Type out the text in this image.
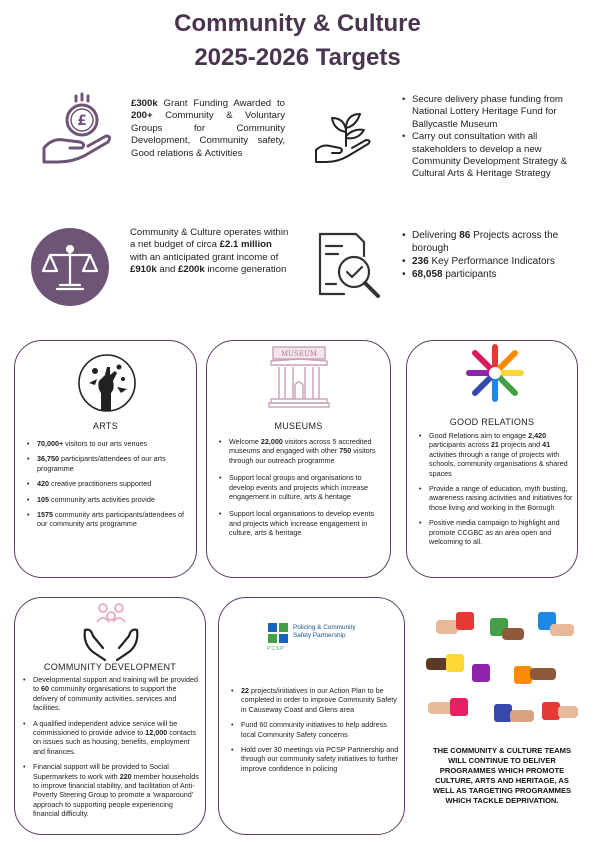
Community & Culture
2025-2026 Targets
£
£300k Grant Funding Awarded to 200+ Community & Voluntary Groups for Community Development, Community safety, Good relations & Activities
• Secure delivery phase funding from National Lottery Heritage Fund for Ballycastle Museum
• Carry out consultation with all stakeholders to develop a new Community Development Strategy & Cultural Arts & Heritage Strategy
Community & Culture operates within a net budget of circa £2.1 million with an anticipated grant income of £910k and £200k income generation
• Delivering 86 Projects across the borough
• 236 Key Performance Indicators
• 68,058 participants
ARTS
• 70,000+ visitors to our arts venues
• 36,750 participants/attendees of our arts programme
• 420 creative practitioners supported
• 105 community arts activities provide
• 1575 community arts participants/attendees of our community arts programme
MUSEUM
MUSEUMS
• Welcome 22,000 visitors across 5 accredited museums and engaged with other 750 visitors through our outreach programme
• Support local groups and organisations to develop events and projects which increase engagement in culture, arts & heritage
• Support local organisations to develop events and projects which increase engagement in culture, arts & heritage
GOOD RELATIONS
• Good Relations aim to engage 2,420 participants across 21 projects and 41 activities through a range of projects with schools, community organisations & shared spaces
• Provide a range of education, myth busting, awareness raising activities and initiatives for those living and working in the Borough
• Positive media campaign to highlight and promote CCGBC as an area open and welcoming to all.
COMMUNITY DEVELOPMENT
• Developmental support and training will be provided to 60 community organisations to support the delivery of community activities, services and facilities.
• A qualified independent advice service will be commissioned to provide advice to 12,000 contacts on issues such as housing, benefits, employment and finances.
• Financial support will be provided to Social Supermarkets to work with 220 member households to improve financial stability, and facilitation of Anti-Poverty Steering Group to promote a 'wraparound' approach to supporting people experiencing financial difficulty.
Policing & Community
Safety Partnership
PCSP
• 22 projects/initiatives in our Action Plan to be completed in order to improve Community Safety in Causeway Coast and Glens area
• Fund 60 community initiatives to help address local Community Safety concerns
• Hold over 30 meetings via PCSP Partnership and through our community safety initiatives to further improve confidence in policing
THE COMMUNITY & CULTURE TEAMS WILL CONTINUE TO DELIVER PROGRAMMES WHICH PROMOTE CULTURE, ARTS AND HERITAGE, AS WELL AS TARGETING PROGRAMMES WHICH TACKLE DEPRIVATION.
